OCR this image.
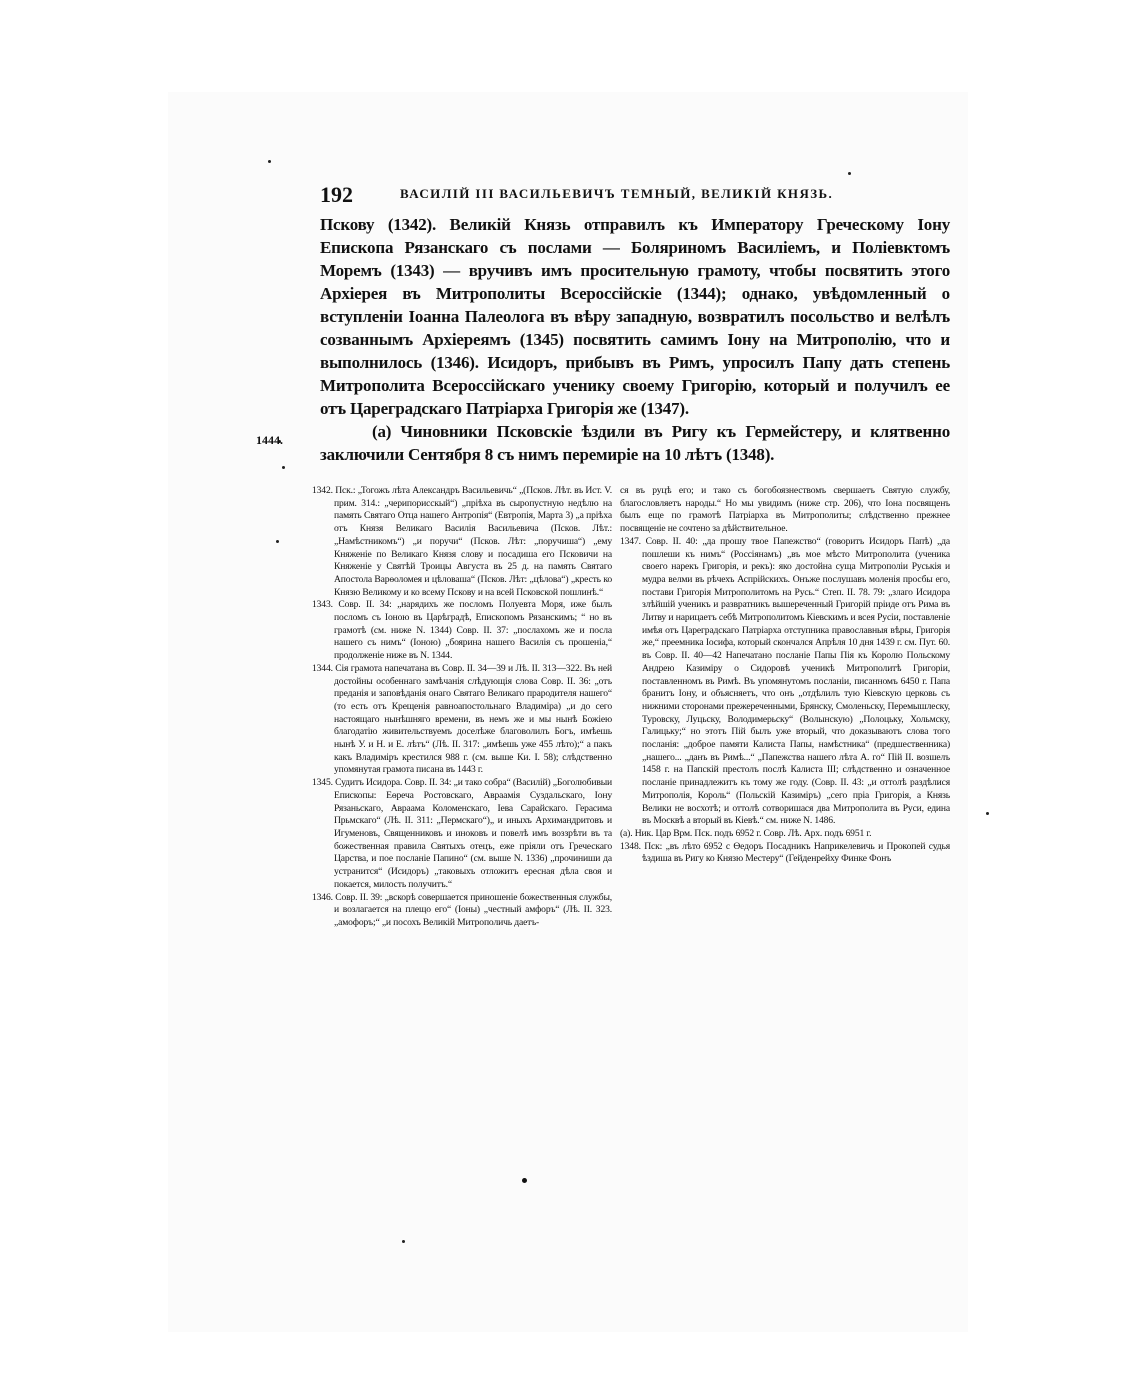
192	ВАСИЛІЙ III ВАСИЛЬЕВИЧЪ ТЕМНЫЙ, ВЕЛИКІЙ КНЯЗЬ.
1444.

Пскову (1342). Великій Князь отправилъ къ Императору Греческому Іону Епископа Рязанскаго съ послами — Боляриномъ Василіемъ, и Поліевктомъ Моремъ (1343) — вручивъ имъ просительную грамоту, чтобы посвятить этого Архіерея въ Митрополиты Всероссійскіе (1344); однако, увѣдомленный о вступленіи Іоанна Палеолога въ вѣру западную, возвратилъ посольство и велѣлъ созваннымъ Архіереямъ (1345) посвятить самимъ Іону на Митрополію, что и выполнилось (1346). Исидоръ, прибывъ въ Римъ, упросилъ Папу дать степень Митрополита Всероссійскаго ученику своему Григорію, который и получилъ ее отъ Цареградскаго Патріарха Григорія же (1347).

(а) Чиновники Псковскіе ѣздили въ Ригу къ Гермейстеру, и клятвенно заключили Сентября 8 съ нимъ перемиріе на 10 лѣтъ (1348).

1342. Пск.: „Тогожъ лѣта Александръ Васильевичь“ „(Псков. Лѣт. въ Ист. V. прим. 314.: „черипорисскый“) „пріѣха въ сыропустную недѣлю на память Святаго Отца нашего Антропія“ (Евтропія, Марта 3) „а пріѣха отъ Князя Великаго Василія Васильевича (Псков. Лѣт.: „Намѣстникомъ“) „и поручи“ (Псков. Лѣт: „поручиша“) „ему Княженіе по Великаго Князя слову и посадиша его Псковичи на Княженіе у Святѣй Троицы Августа въ 25 д. на память Святаго Апостола Варѳоломея и цѣловаша“ (Псков. Лѣт: „цѣлова“) „кресть ко Князю Великому и ко всему Пскову и на всей Псковской пошлинѣ.“

1343. Совр. II. 34: „нарядихъ же посломъ Полуевта Моря, иже былъ посломъ съ Іоною въ Царѣградѣ, Епископомъ Рязанскимъ; “ но въ грамотѣ (см. ниже N. 1344) Совр. II. 37: „послахомъ же и посла нашего съ нимъ“ (Іоною) „боярина нашего Василія съ прошеніа,“ продолженіе ниже въ N. 1344.

1344. Сія грамота напечатана въ Совр. II. 34—39 и Лѣ. II. 313—322. Въ ней достойны особеннаго замѣчанія слѣдующія слова Совр. II. 36: „отъ преданія и заповѣданія онаго Святаго Великаго прародителя нашего“ (то есть отъ Крещенія равноапостольнаго Владиміра) „и до сего настоящаго нынѣшняго времени, въ немъ же и мы нынѣ Божіею благодатію живительствуемъ доселѣже благоволилъ Богъ, имѣешь нынѣ У. и Н. и Е. лѣтъ“ (Лѣ. II. 317: „имѣешь уже 455 лѣто);“ а пакъ какъ Владиміръ крестился 988 г. (см. выше Ки. I. 58); слѣдственно упомянутая грамота писана въ 1443 г.

1345. Судитъ Исидора. Совр. II. 34: „и тако собра“ (Василій) „Боголюбивыи Епископы: Еѳреча Ростовскаго, Авраамія Суздальскаго, Іону Рязаньскаго, Авраама Коломенскаго, Іева Сарайскаго. Герасима Прьмскаго“ (Лѣ. II. 311: „Пермскаго“)„ и иныхъ Архимандритовъ и Игуменовъ, Священниковъ и иноковъ и повелѣ имъ воззрѣти въ та божественная правила Святыхъ отецъ, еже пріяли отъ Греческаго Царства, и пое посланіе Папино“ (см. выше N. 1336) „прочиниши да устранится“ (Исидоръ) „таковыхъ отложитъ ересная дѣла своя и покается, милость получитъ.“

1346. Совр. II. 39: „вскорѣ совершается приношеніе божественныя службы, и возлагается на плещо его“ (Іоны) „честный амфоръ“ (Лѣ. II. 323. „амофоръ;“ „и посохъ Великій Митрополичь даетъ-

ся въ руцѣ его; и тако съ богобоязнествомъ свершаетъ Святую службу, благословляетъ народы.“ Но мы увидимъ (ниже стр. 206), что Іона посвященъ былъ еще по грамотѣ Патріарха въ Митрополиты; слѣдственно прежнее посвященіе не сочтено за дѣйствительное.

1347. Совр. II. 40: „да прошу твое Папежство“ (говоритъ Исидоръ Папѣ) „да пошлеши къ нимъ“ (Россіянамъ) „въ мое мѣсто Митрополита (ученика своего нарекъ Григорія, и рекъ): яко достойна суща Митрополіи Руськія и мудра велми въ рѣчехъ Аспрійскихъ. Онъже послушавъ моленія просбы его, постави Григорія Митрополитомъ на Русь.“ Степ. II. 78. 79: „злаго Исидора злѣйшій ученикъ и развратникъ вышереченный Григорій пріиде отъ Рима въ Литву и нарицаетъ себѣ Митрополитомъ Кіевскимъ и всея Русіи, поставленіе имѣя отъ Цареградскаго Патріарха отступника православныя вѣры, Григорія же,“ преемника Іосифа, который скончался Апрѣля 10 дня 1439 г. см. Пут. 60. въ Совр. II. 40—42 Напечатано посланіе Папы Пія къ Королю Польскому Андрею Казиміру о Сидоровѣ ученикѣ Митрополитѣ Григоріи, поставленномъ въ Римѣ. Въ упомянутомъ посланіи, писанномъ 6450 г. Папа бранитъ Іону, и объясняетъ, что онъ „отдѣлилъ тую Кіевскую церковь съ нижними сторонами прежереченными, Брянску, Смоленьску, Перемышлеску, Туровску, Луцьску, Володимерьску“ (Волынскую) „Полоцьку, Хольмску, Галицьку;“ но этотъ Пій былъ уже вторый, что доказываютъ слова того посланія: „доброе памяти Калиста Папы, намѣстника“ (предшественника) „нашего... „данъ въ Римѣ...“ „Папежства нашего лѣта А. го“ Пій II. возшелъ 1458 г. на Папскій престолъ послѣ Калиста III; слѣдственно и означенное посланіе принадлежитъ къ тому же году. (Совр. II. 43: „и оттолѣ раздѣлися Митрополія, Король“ (Польскій Казиміръ) „сего пріа Григорія, а Князь Велики не восхотѣ; и оттолѣ сотворишася два Митрополита въ Руси, едина въ Москвѣ а вторый въ Кіевѣ.“ см. ниже N. 1486.

(а). Ник. Цар Врм. Пск. подъ 6952 г. Совр. Лѣ. Арх. подъ 6951 г.

1348. Пск: „въ лѣто 6952 с Ѳедоръ Посадникъ Наприкелевичь и Прокопей судья ѣздиша въ Ригу ко Князю Местеру“ (Гейденрейху Финке Фонъ
